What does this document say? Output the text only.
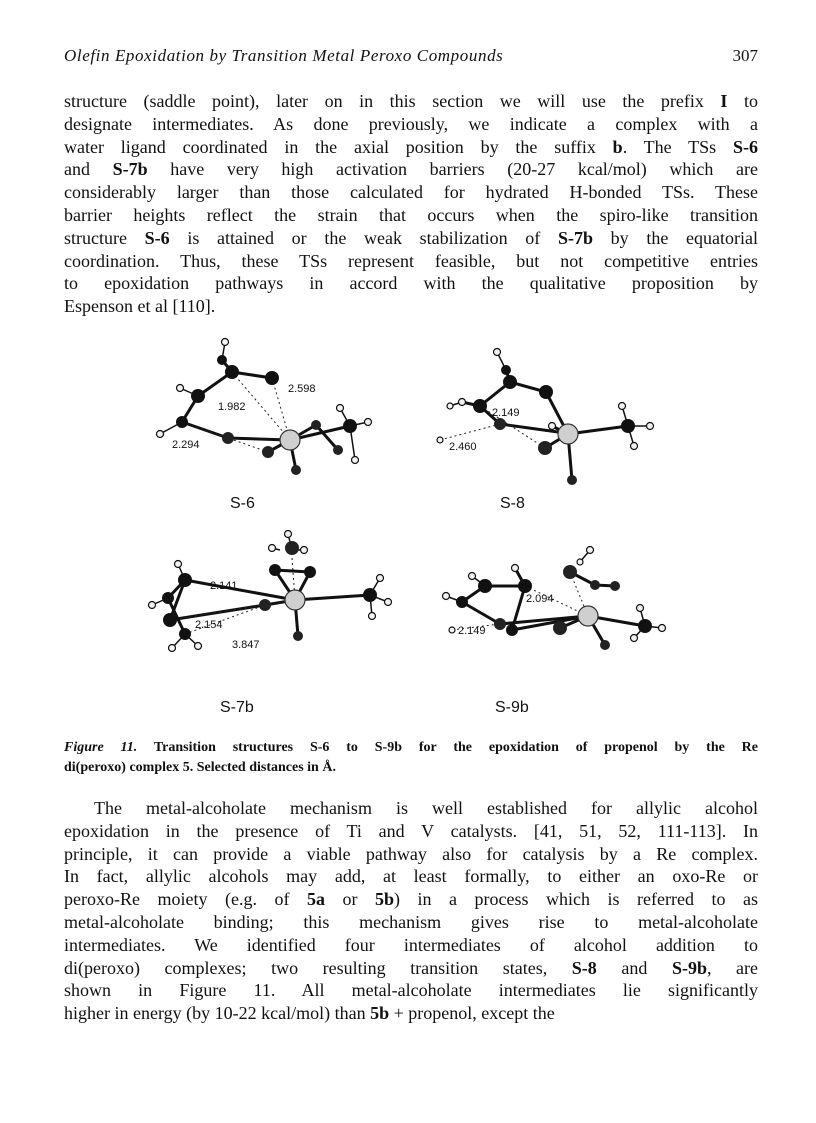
Olefin Epoxidation by Transition Metal Peroxo Compounds	307

structure (saddle point), later on in this section we will use the prefix I to
designate intermediates. As done previously, we indicate a complex with a
water ligand coordinated in the axial position by the suffix b. The TSs S-6
and S-7b have very high activation barriers (20-27 kcal/mol) which are
considerably larger than those calculated for hydrated H-bonded TSs. These
barrier heights reflect the strain that occurs when the spiro-like transition
structure S-6 is attained or the weak stabilization of S-7b by the equatorial
coordination. Thus, these TSs represent feasible, but not competitive entries
to epoxidation pathways in accord with the qualitative proposition by
Espenson et al [110].

1.982
2.598
2.294
S-6
2.149
2.460
S-8
2.141
2.154
3.847
S-7b
2.094
2.149
S-9b
Figure 11. Transition structures S-6 to S-9b for the epoxidation of propenol by the Re
di(peroxo) complex 5. Selected distances in Å.

The metal-alcoholate mechanism is well established for allylic alcohol
epoxidation in the presence of Ti and V catalysts. [41, 51, 52, 111-113]. In
principle, it can provide a viable pathway also for catalysis by a Re complex.
In fact, allylic alcohols may add, at least formally, to either an oxo-Re or
peroxo-Re moiety (e.g. of 5a or 5b) in a process which is referred to as
metal-alcoholate binding; this mechanism gives rise to metal-alcoholate
intermediates. We identified four intermediates of alcohol addition to
di(peroxo) complexes; two resulting transition states, S-8 and S-9b, are
shown in Figure 11. All metal-alcoholate intermediates lie significantly
higher in energy (by 10-22 kcal/mol) than 5b + propenol, except the
